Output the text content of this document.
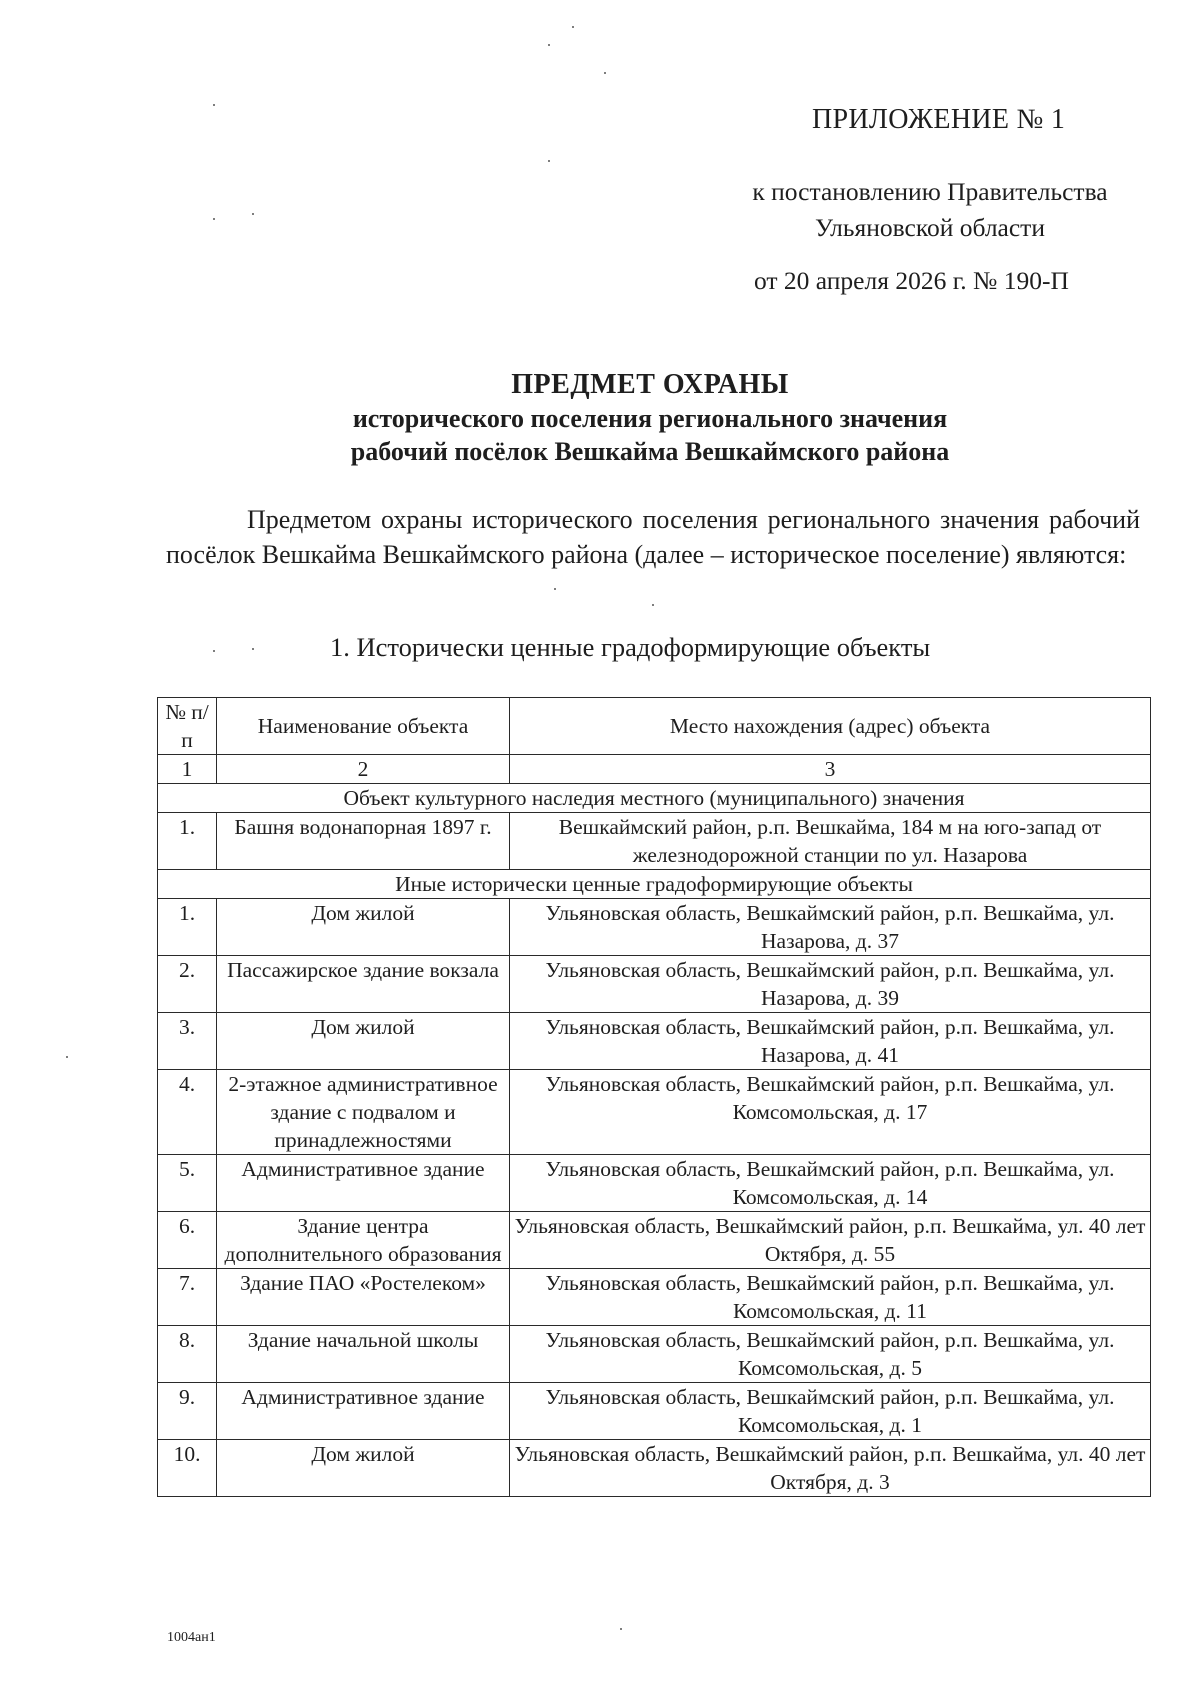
ПРИЛОЖЕНИЕ № 1
к постановлению Правительства
Ульяновской области
от 20 апреля 2026 г. № 190-П
ПРЕДМЕТ ОХРАНЫ
исторического поселения регионального значения
рабочий посёлок Вешкайма Вешкаймского района
Предметом охраны исторического поселения регионального значения рабочий посёлок Вешкайма Вешкаймского района (далее – историческое поселение) являются:
1. Исторически ценные градоформирующие объекты
№ п/п	Наименование объекта	Место нахождения (адрес) объекта
1	2	3
Объект культурного наследия местного (муниципального) значения		
1.	Башня водонапорная 1897 г.	Вешкаймский район, р.п. Вешкайма, 184 м на юго-запад от железнодорожной станции по ул. Назарова
Иные исторически ценные градоформирующие объекты		
1.	Дом жилой	Ульяновская область, Вешкаймский район, р.п. Вешкайма, ул. Назарова, д. 37
2.	Пассажирское здание вокзала	Ульяновская область, Вешкаймский район, р.п. Вешкайма, ул. Назарова, д. 39
3.	Дом жилой	Ульяновская область, Вешкаймский район, р.п. Вешкайма, ул. Назарова, д. 41
4.	2-этажное административное здание с подвалом и принадлежностями	Ульяновская область, Вешкаймский район, р.п. Вешкайма, ул. Комсомольская, д. 17
5.	Административное здание	Ульяновская область, Вешкаймский район, р.п. Вешкайма, ул. Комсомольская, д. 14
6.	Здание центра дополнительного образования	Ульяновская область, Вешкаймский район, р.п. Вешкайма, ул. 40 лет Октября, д. 55
7.	Здание ПАО «Ростелеком»	Ульяновская область, Вешкаймский район, р.п. Вешкайма, ул. Комсомольская, д. 11
8.	Здание начальной школы	Ульяновская область, Вешкаймский район, р.п. Вешкайма, ул. Комсомольская, д. 5
9.	Административное здание	Ульяновская область, Вешкаймский район, р.п. Вешкайма, ул. Комсомольская, д. 1
10.	Дом жилой	Ульяновская область, Вешкаймский район, р.п. Вешкайма, ул. 40 лет Октября, д. 3
1004ан1
